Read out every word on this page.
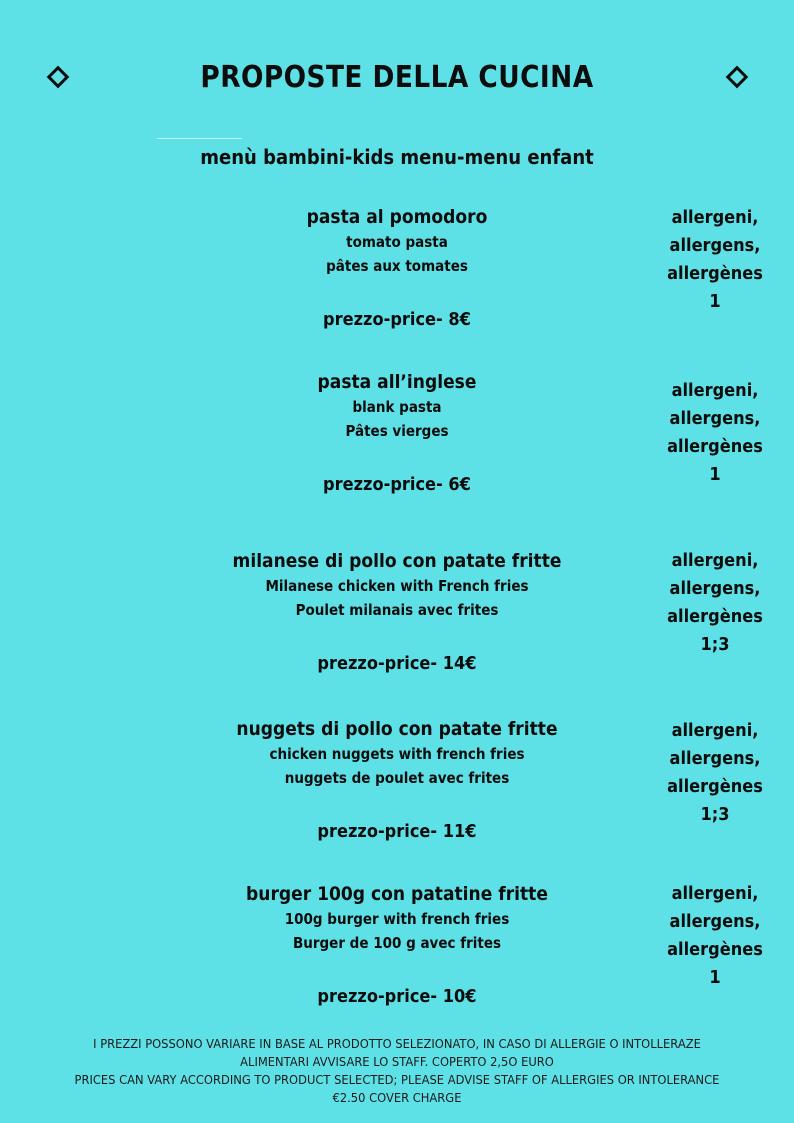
PROPOSTE DELLA CUCINA
menù bambini-kids menu-menu enfant
pasta al pomodoro
tomato pasta
pâtes aux tomates
prezzo-price- 8€
allergeni,
allergens,
allergènes
1
pasta all’inglese
blank pasta
Pâtes vierges
prezzo-price- 6€
allergeni,
allergens,
allergènes
1
milanese di pollo con patate fritte
Milanese chicken with French fries
Poulet milanais avec frites
prezzo-price- 14€
allergeni,
allergens,
allergènes
1;3
nuggets di pollo con patate fritte
chicken nuggets with french fries
nuggets de poulet avec frites
prezzo-price- 11€
allergeni,
allergens,
allergènes
1;3
burger 100g con patatine fritte
100g burger with french fries
Burger de 100 g avec frites
prezzo-price- 10€
allergeni,
allergens,
allergènes
1
I PREZZI POSSONO VARIARE IN BASE AL PRODOTTO SELEZIONATO, IN CASO DI ALLERGIE O INTOLLERAZE
ALIMENTARI AVVISARE LO STAFF. COPERTO 2,5O EURO
PRICES CAN VARY ACCORDING TO PRODUCT SELECTED; PLEASE ADVISE STAFF OF ALLERGIES OR INTOLERANCE
€2.50 COVER CHARGE
